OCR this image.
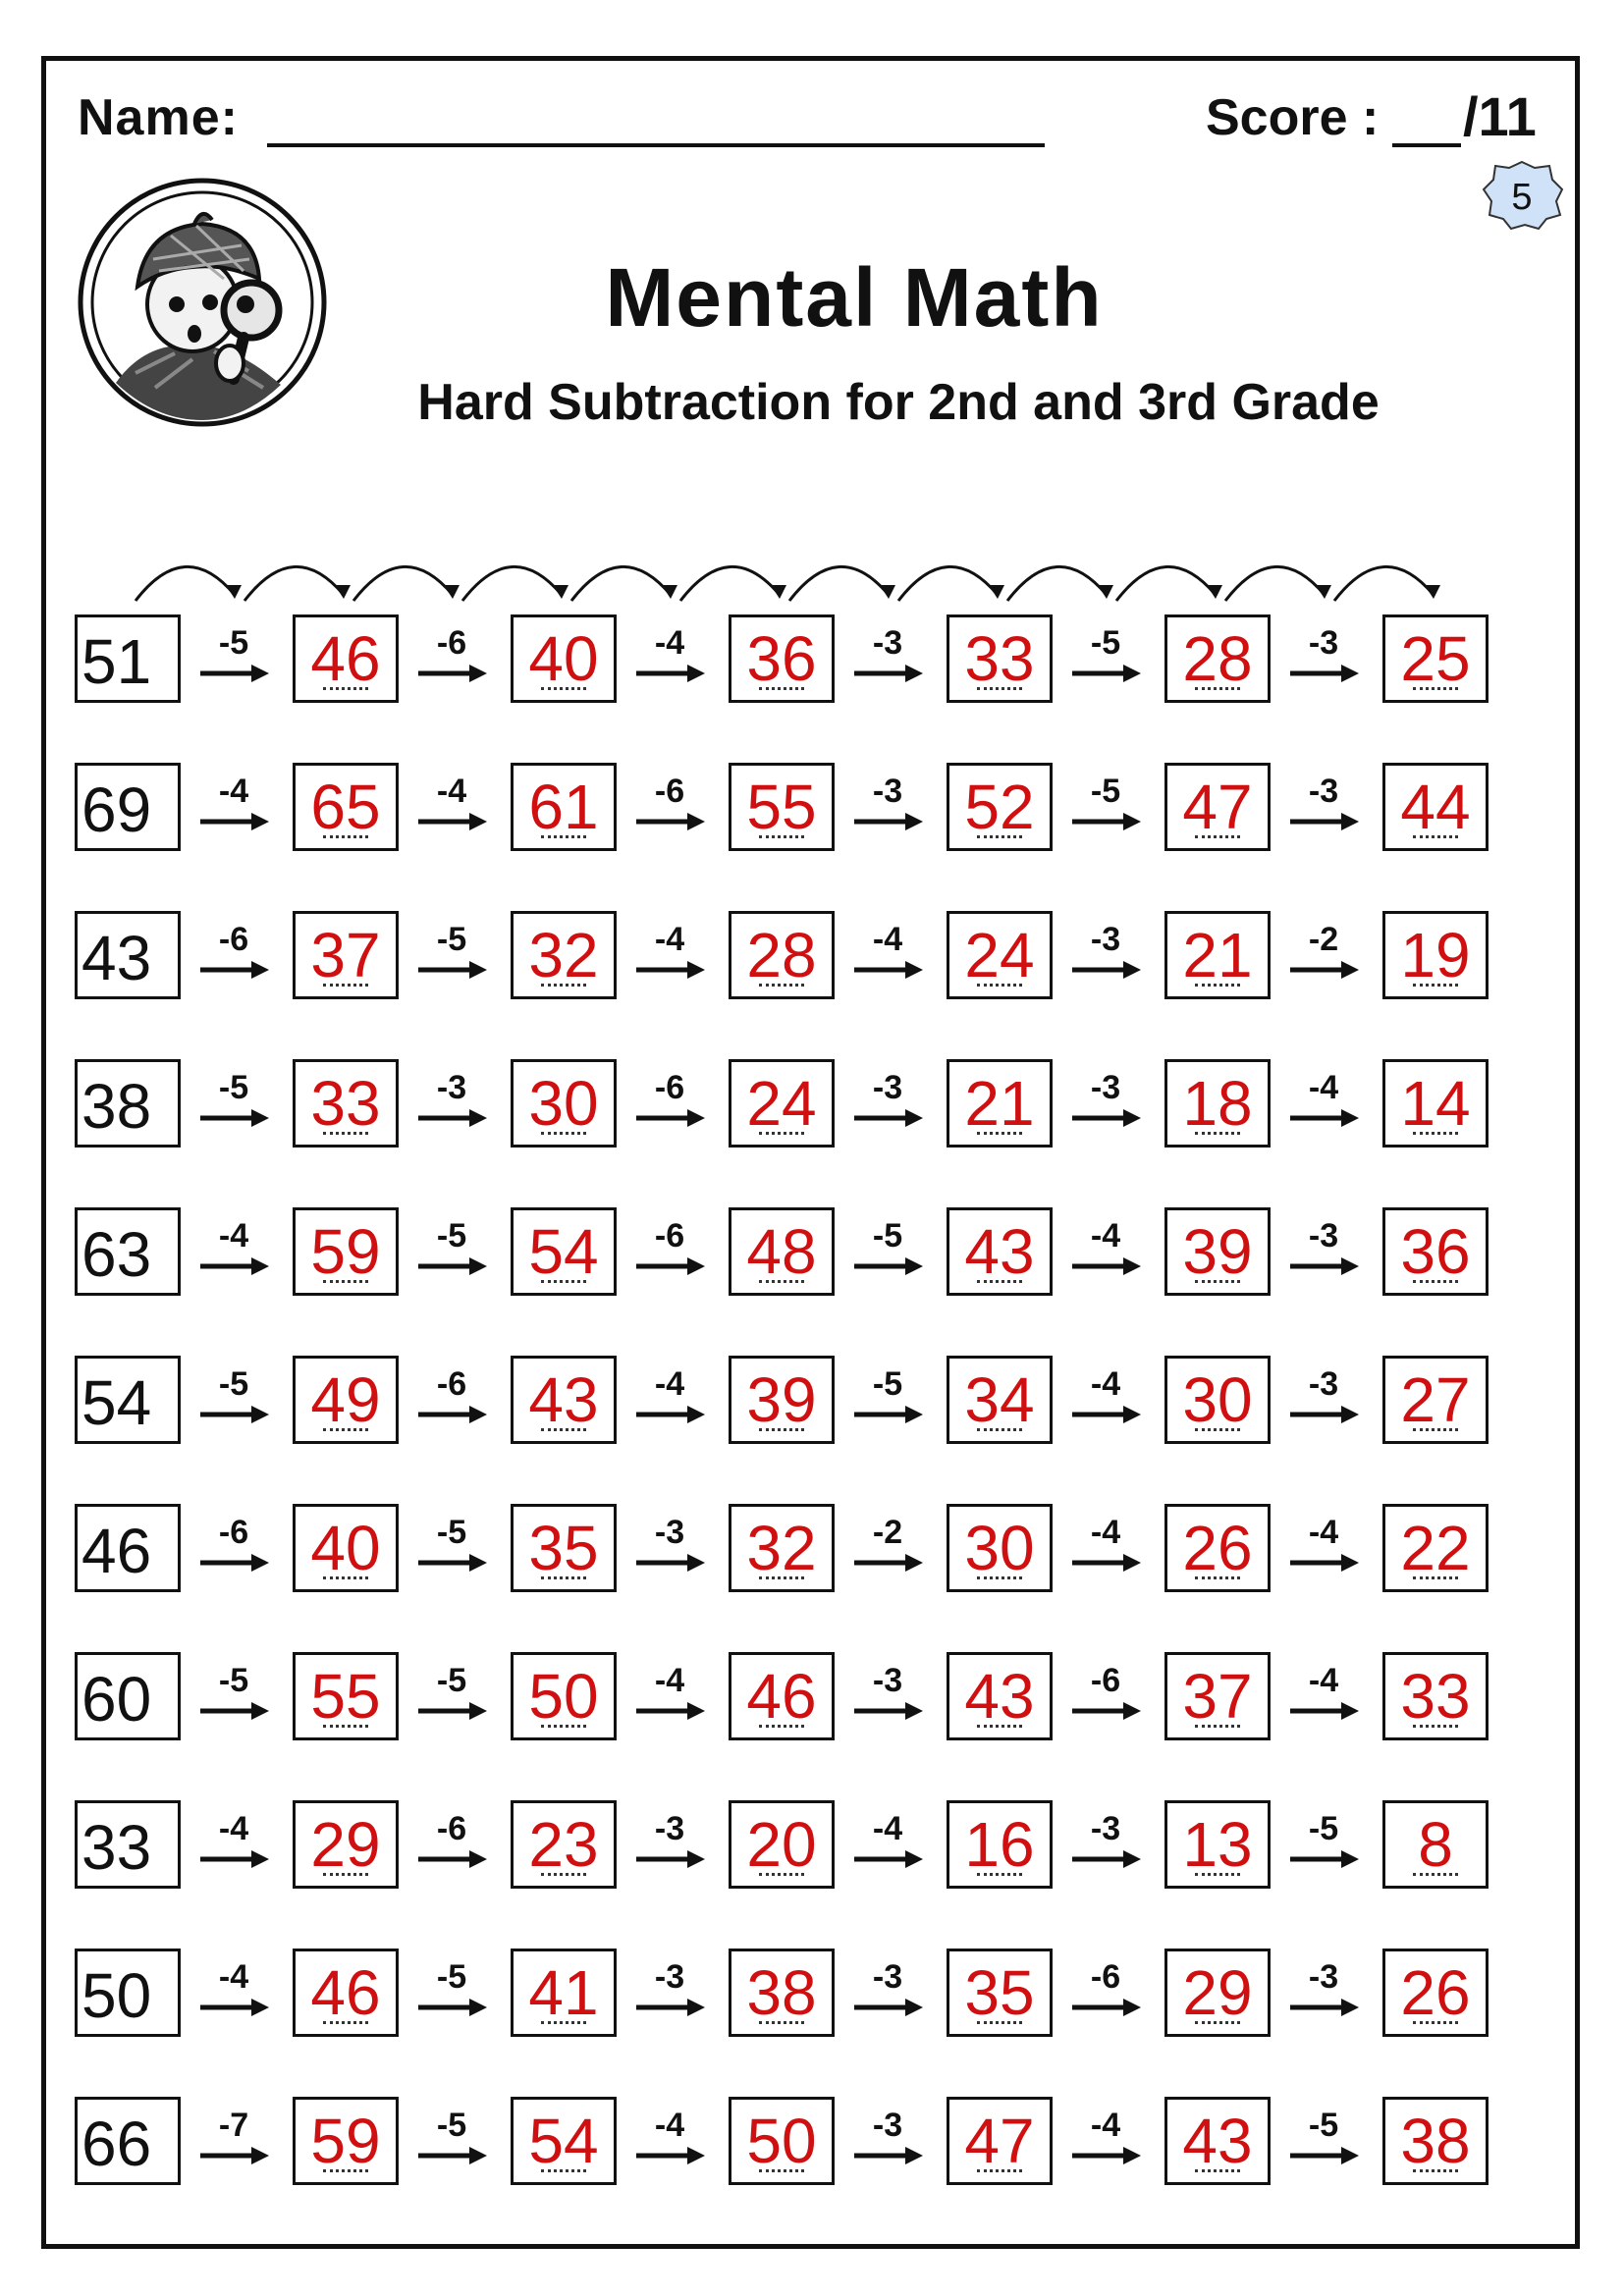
Name:	Score : /11
5
Mental Math
Hard Subtraction for 2nd and 3rd Grade
51	-5 46	-6 40	-4 36	-3 33	-5 28	-3 25
69	-4 65	-4 61	-6 55	-3 52	-5 47	-3 44
43	-6 37	-5 32	-4 28	-4 24	-3 21	-2 19
38	-5 33	-3 30	-6 24	-3 21	-3 18	-4 14
63	-4 59	-5 54	-6 48	-5 43	-4 39	-3 36
54	-5 49	-6 43	-4 39	-5 34	-4 30	-3 27
46	-6 40	-5 35	-3 32	-2 30	-4 26	-4 22
60	-5 55	-5 50	-4 46	-3 43	-6 37	-4 33
33	-4 29	-6 23	-3 20	-4 16	-3 13	-5	8
50	-4 46	-5 41	-3 38	-3 35	-6 29	-3 26
66	-7 59	-5 54	-4 50	-3 47	-4 43	-5 38
